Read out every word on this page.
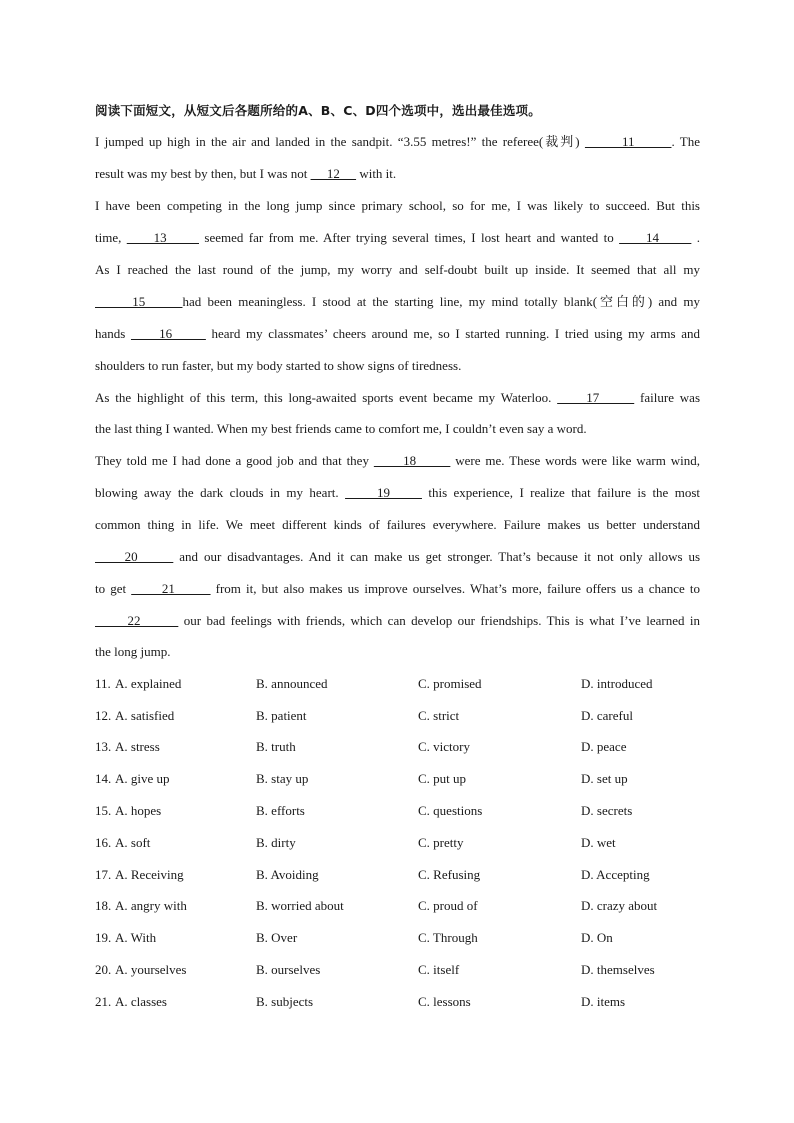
阅读下面短文，从短文后各题所给的A、B、C、D四个选项中，选出最佳选项。
I jumped up high in the air and landed in the sandpit. “3.55 metres!” the referee(裁判)        11       . The
result was my best by then, but I was not      12      with it.
I have been competing in the long jump since primary school, so for me, I was likely to succeed. But this
time,      13       seemed far from me. After trying several times, I lost heart and wanted to      14       .
As I reached the last round of the jump, my worry and self-doubt built up inside. It seemed that all my
15      had been meaningless. I stood at the starting line, my mind totally blank(空白的) and my
hands      16       heard my classmates’ cheers around me, so I started running. I tried using my arms and
shoulders to run faster, but my body started to show signs of tiredness.
As the highlight of this term, this long-awaited sports event became my Waterloo.      17       failure was
the last thing I wanted. When my best friends came to comfort me, I couldn’t even say a word.
They told me I had done a good job and that they       18        were me. These words were like warm wind,
blowing away the dark clouds in my heart.      19      this experience, I realize that failure is the most
common thing in life. We meet different kinds of failures everywhere. Failure makes us better understand
20       and our disadvantages. And it can make us get stronger. That’s because it not only allows us
to get       21        from it, but also makes us improve ourselves. What’s more, failure offers us a chance to
22        our bad feelings with friends, which can develop our friendships. This is what I’ve learned in
the long jump.
11. A. explained	B. announced	C. promised	D. introduced
12. A. satisfied	B. patient	C. strict	D. careful
13. A. stress	B. truth	C. victory	D. peace
14. A. give up	B. stay up	C. put up	D. set up
15. A. hopes	B. efforts	C. questions	D. secrets
16. A. soft	B. dirty	C. pretty	D. wet
17. A. Receiving	B. Avoiding	C. Refusing	D. Accepting
18. A. angry with	B. worried about	C. proud of	D. crazy about
19. A. With	B. Over	C. Through	D. On
20. A. yourselves	B. ourselves	C. itself	D. themselves
21. A. classes	B. subjects	C. lessons	D. items
